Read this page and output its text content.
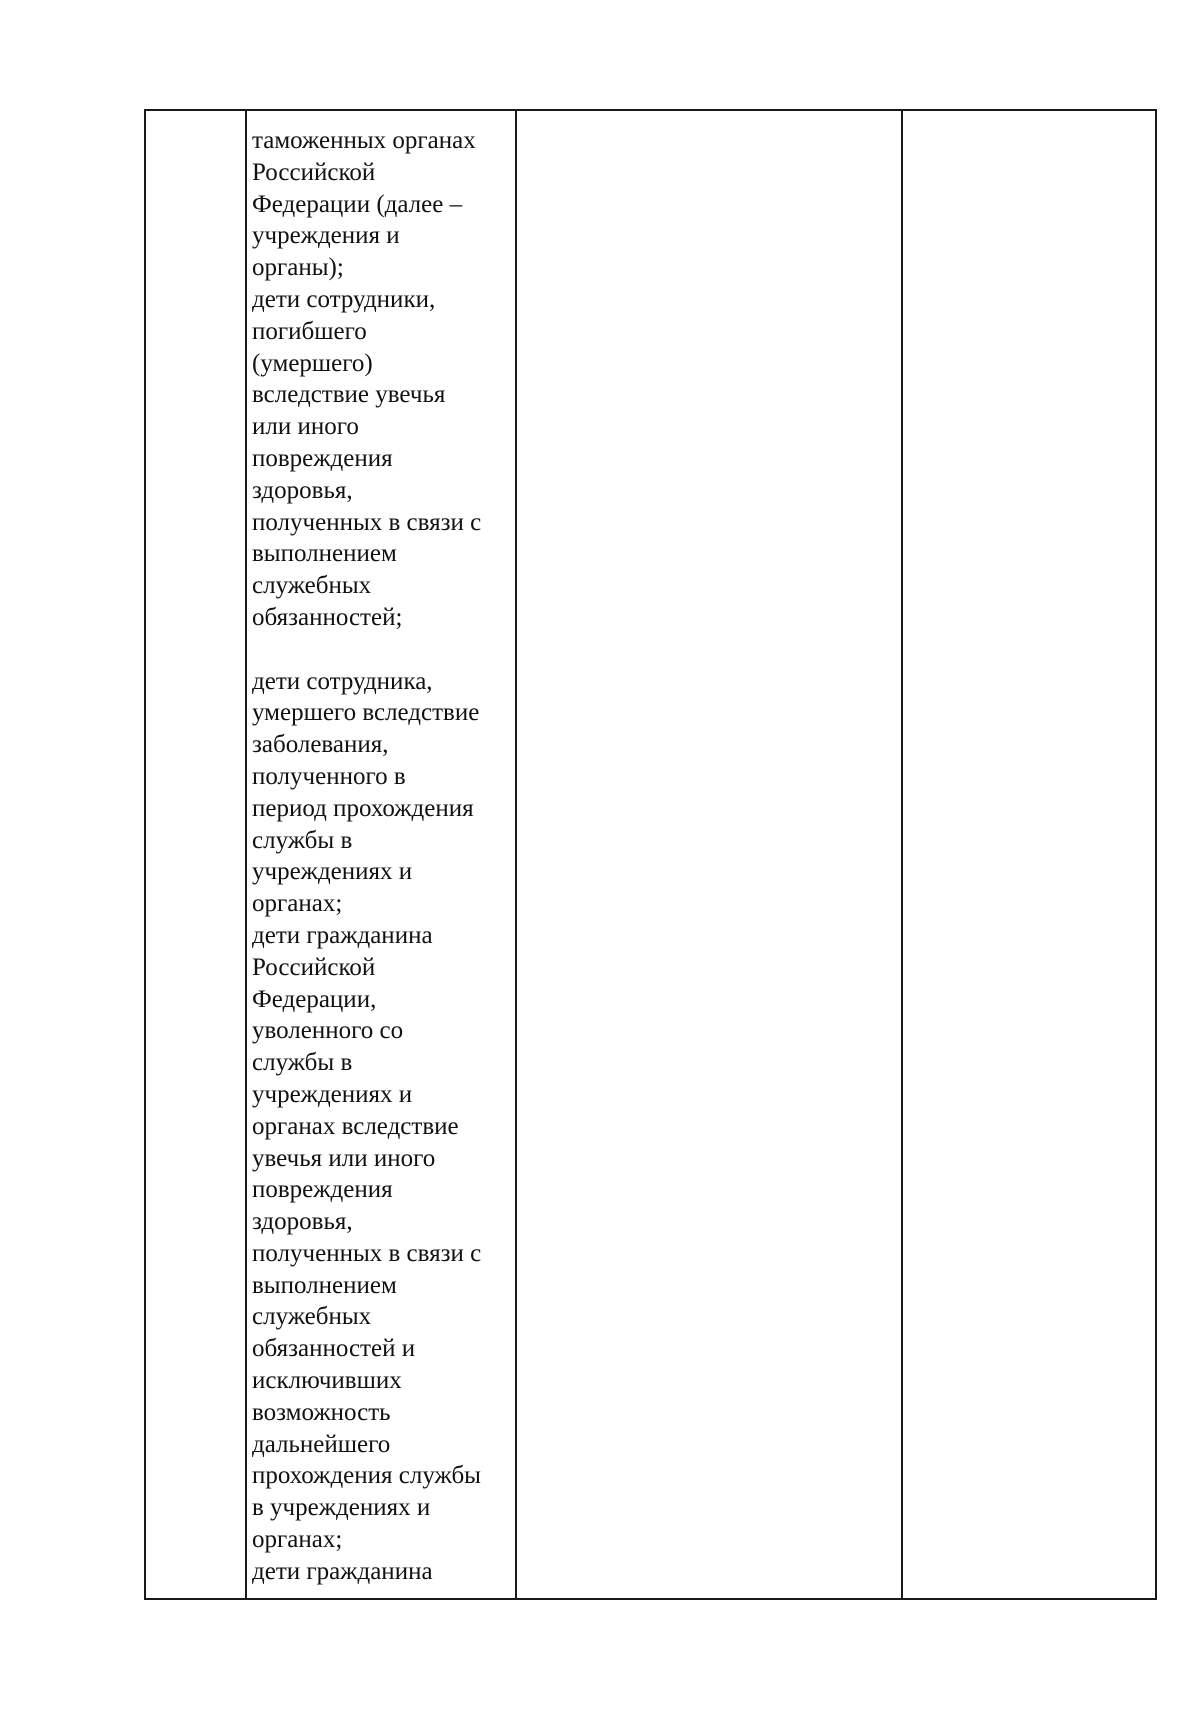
таможенных органах
Российской
Федерации (далее –
учреждения и
органы);
дети сотрудники,
погибшего
(умершего)
вследствие увечья
или иного
повреждения
здоровья,
полученных в связи с
выполнением
служебных
обязанностей;

дети сотрудника,
умершего вследствие
заболевания,
полученного в
период прохождения
службы в
учреждениях и
органах;
дети гражданина
Российской
Федерации,
уволенного со
службы в
учреждениях и
органах вследствие
увечья или иного
повреждения
здоровья,
полученных в связи с
выполнением
служебных
обязанностей и
исключивших
возможность
дальнейшего
прохождения службы
в учреждениях и
органах;
дети гражданина
